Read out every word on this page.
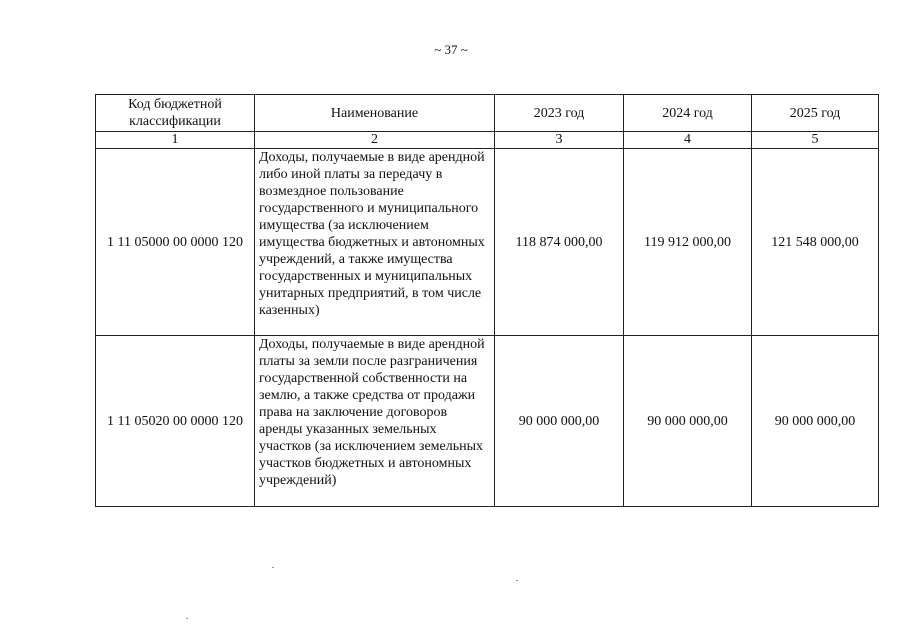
~ 37 ~
Код бюджетной классификации	Наименование	2023 год	2024 год	2025 год
1	2	3	4	5
1 11 05000 00 0000 120	Доходы, получаемые в виде арендной либо иной платы за передачу в возмездное пользование государственного и муниципального имущества (за исключением имущества бюджетных и автономных учреждений, а также имущества государственных и муниципальных унитарных предприятий, в том числе казенных)	118 874 000,00	119 912 000,00	121 548 000,00
1 11 05020 00 0000 120	Доходы, получаемые в виде арендной платы за земли после разграничения государственной собственности на землю, а также средства от продажи права на заключение договоров аренды указанных земельных участков (за исключением земельных участков бюджетных и автономных учреждений)	90 000 000,00	90 000 000,00	90 000 000,00
